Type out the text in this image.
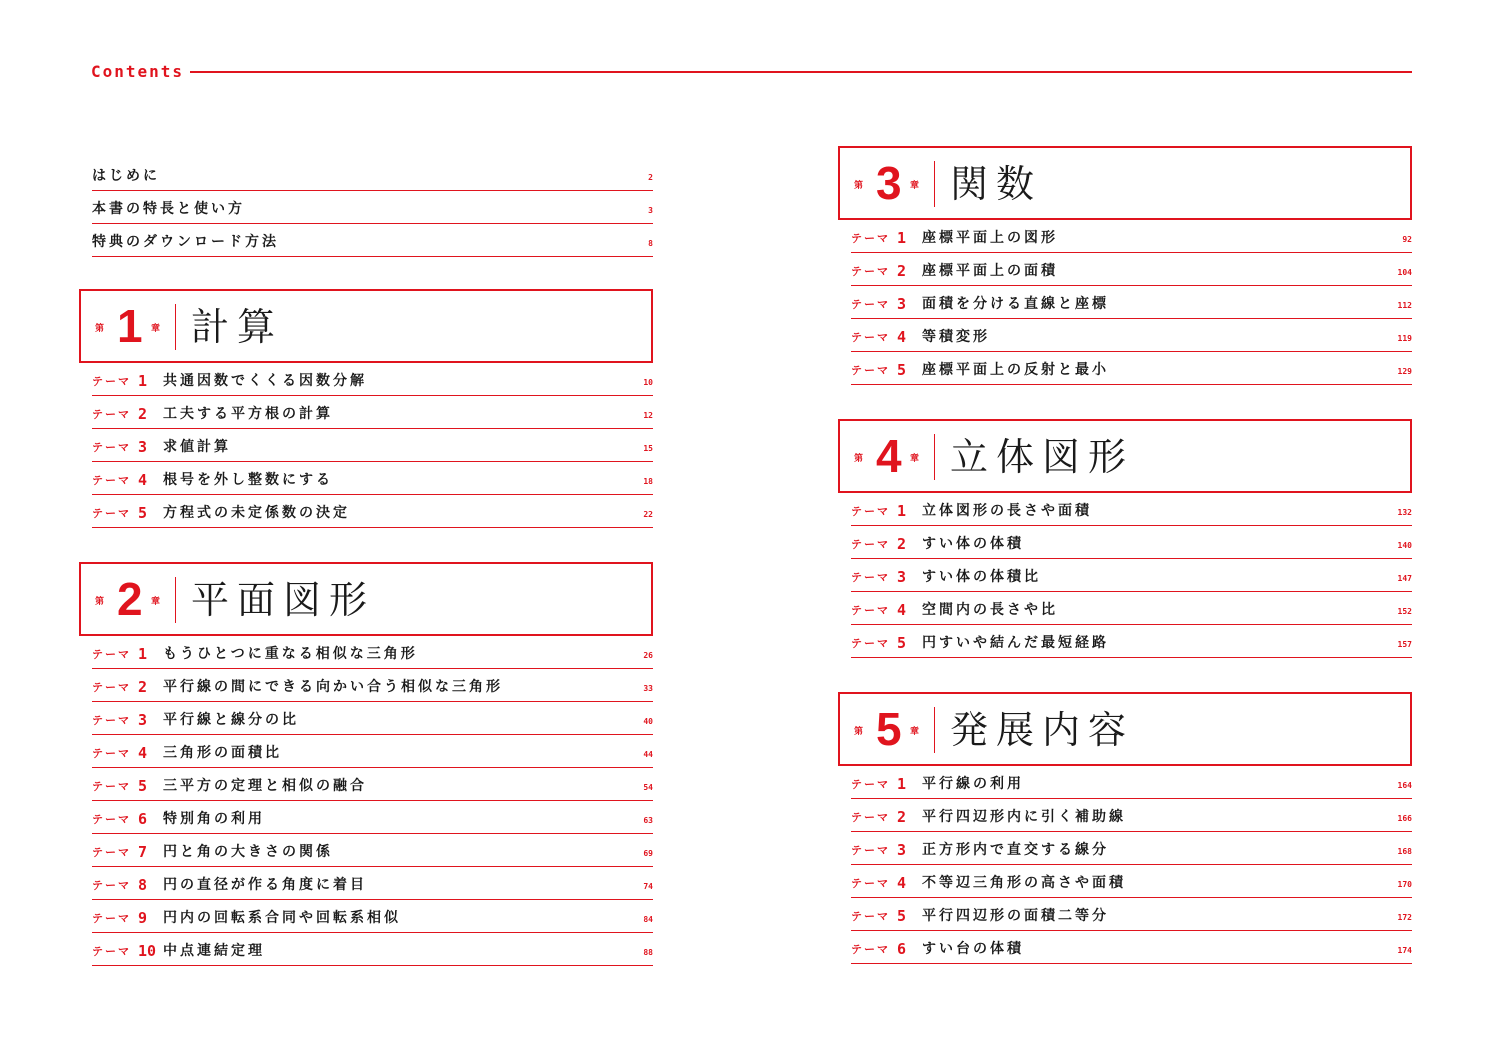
Contents
はじめに	2
本書の特長と使い方	3
特典のダウンロード方法	8
第 1 章 計算
テーマ 1 共通因数でくくる因数分解	10
テーマ 2 工夫する平方根の計算	12
テーマ 3 求値計算	15
テーマ 4 根号を外し整数にする	18
テーマ 5 方程式の未定係数の決定	22
第 2 章 平面図形
テーマ 1 もうひとつに重なる相似な三角形	26
テーマ 2 平行線の間にできる向かい合う相似な三角形	33
テーマ 3 平行線と線分の比	40
テーマ 4 三角形の面積比	44
テーマ 5 三平方の定理と相似の融合	54
テーマ 6 特別角の利用	63
テーマ 7 円と角の大きさの関係	69
テーマ 8 円の直径が作る角度に着目	74
テーマ 9 円内の回転系合同や回転系相似	84
テーマ 10 中点連結定理	88
第 3 章 関数
テーマ 1 座標平面上の図形	92
テーマ 2 座標平面上の面積	104
テーマ 3 面積を分ける直線と座標	112
テーマ 4 等積変形	119
テーマ 5 座標平面上の反射と最小	129
第 4 章 立体図形
テーマ 1 立体図形の長さや面積	132
テーマ 2 すい体の体積	140
テーマ 3 すい体の体積比	147
テーマ 4 空間内の長さや比	152
テーマ 5 円すいや結んだ最短経路	157
第 5 章 発展内容
テーマ 1 平行線の利用	164
テーマ 2 平行四辺形内に引く補助線	166
テーマ 3 正方形内で直交する線分	168
テーマ 4 不等辺三角形の高さや面積	170
テーマ 5 平行四辺形の面積二等分	172
テーマ 6 すい台の体積	174
